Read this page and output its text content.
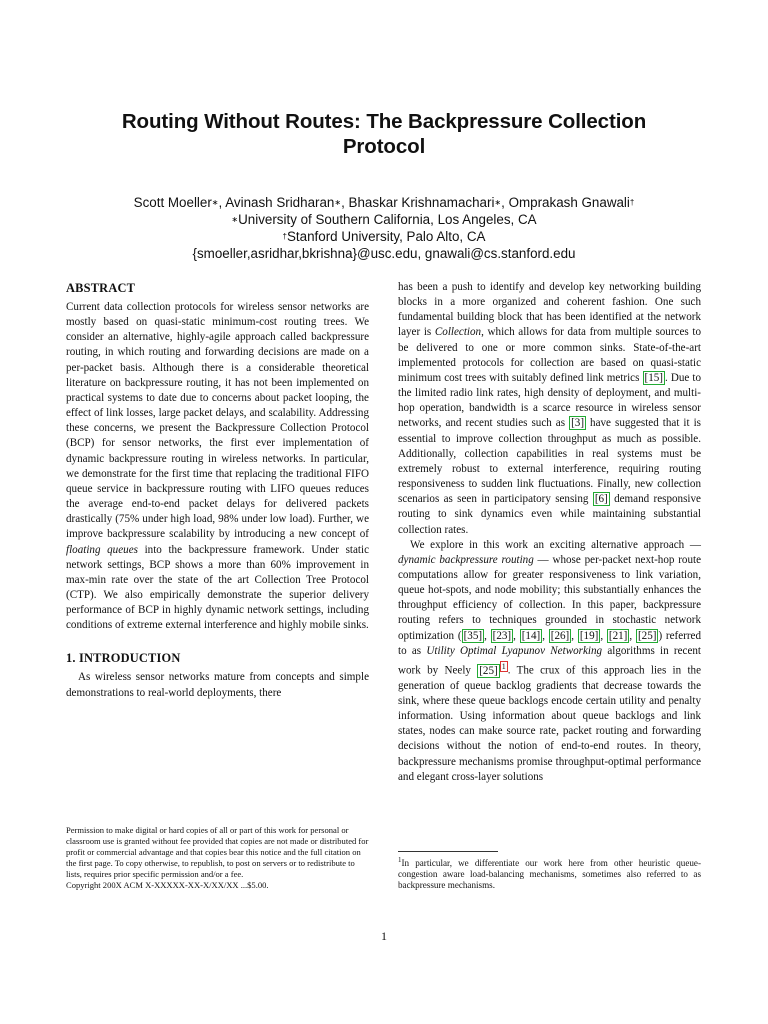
Routing Without Routes: The Backpressure Collection
Protocol
Scott Moeller∗, Avinash Sridharan∗, Bhaskar Krishnamachari∗, Omprakash Gnawali†
∗University of Southern California, Los Angeles, CA
†Stanford University, Palo Alto, CA
{smoeller,asridhar,bkrishna}@usc.edu, gnawali@cs.stanford.edu
ABSTRACT

Current data collection protocols for wireless sensor networks are mostly based on quasi-static minimum-cost routing trees. We consider an alternative, highly-agile approach called backpressure routing, in which routing and forwarding decisions are made on a per-packet basis. Although there is a considerable theoretical literature on backpressure routing, it has not been implemented on practical systems to date due to concerns about packet looping, the effect of link losses, large packet delays, and scalability. Addressing these concerns, we present the Backpressure Collection Protocol (BCP) for sensor networks, the first ever implementation of dynamic backpressure routing in wireless networks. In particular, we demonstrate for the first time that replacing the traditional FIFO queue service in backpressure routing with LIFO queues reduces the average end-to-end packet delays for delivered packets drastically (75% under high load, 98% under low load). Further, we improve backpressure scalability by introducing a new concept of floating queues into the backpressure framework. Under static network settings, BCP shows a more than 60% improvement in max-min rate over the state of the art Collection Tree Protocol (CTP). We also empirically demonstrate the superior delivery performance of BCP in highly dynamic network settings, including conditions of extreme external interference and highly mobile sinks.

1. INTRODUCTION

As wireless sensor networks mature from concepts and simple demonstrations to real-world deployments, there

Permission to make digital or hard copies of all or part of this work for personal or classroom use is granted without fee provided that copies are not made or distributed for profit or commercial advantage and that copies bear this notice and the full citation on the first page. To copy otherwise, to republish, to post on servers or to redistribute to lists, requires prior specific permission and/or a fee.
Copyright 200X ACM X-XXXXX-XX-X/XX/XX ...$5.00.

has been a push to identify and develop key networking building blocks in a more organized and coherent fashion. One such fundamental building block that has been identified at the network layer is Collection, which allows for data from multiple sources to be delivered to one or more common sinks. State-of-the-art implemented protocols for collection are based on quasi-static minimum cost trees with suitably defined link metrics [15] . Due to the limited radio link rates, high density of deployment, and multi-hop operation, bandwidth is a scarce resource in wireless sensor networks, and recent studies such as [3] have suggested that it is essential to improve collection throughput as much as possible. Additionally, collection capabilities in real systems must be extremely robust to external interference, requiring routing responsiveness to sudden link fluctuations. Finally, new collection scenarios as seen in participatory sensing [6] demand responsive routing to sink dynamics even while maintaining substantial collection rates.

We explore in this work an exciting alternative approach — dynamic backpressure routing — whose per-packet next-hop route computations allow for greater responsiveness to link variation, queue hot-spots, and node mobility; this substantially enhances the throughput efficiency of collection. In this paper, backpressure routing refers to techniques grounded in stochastic network optimization ( [35] , [23] , [14] , [26] , [19] , [21] , [25] ) referred to as Utility Optimal Lyapunov Networking algorithms in recent work by Neely [25] $^1$ . The crux of this approach lies in the generation of queue backlog gradients that decrease towards the sink, where these queue backlogs encode certain utility and penalty information. Using information about queue backlogs and link states, nodes can make source rate, packet routing and forwarding decisions without the notion of end-to-end routes. In theory, backpressure mechanisms promise throughput-optimal performance and elegant cross-layer solutions

$^1$In particular, we differentiate our work here from other heuristic queue-congestion aware load-balancing mechanisms, sometimes also referred to as backpressure mechanisms.
1
